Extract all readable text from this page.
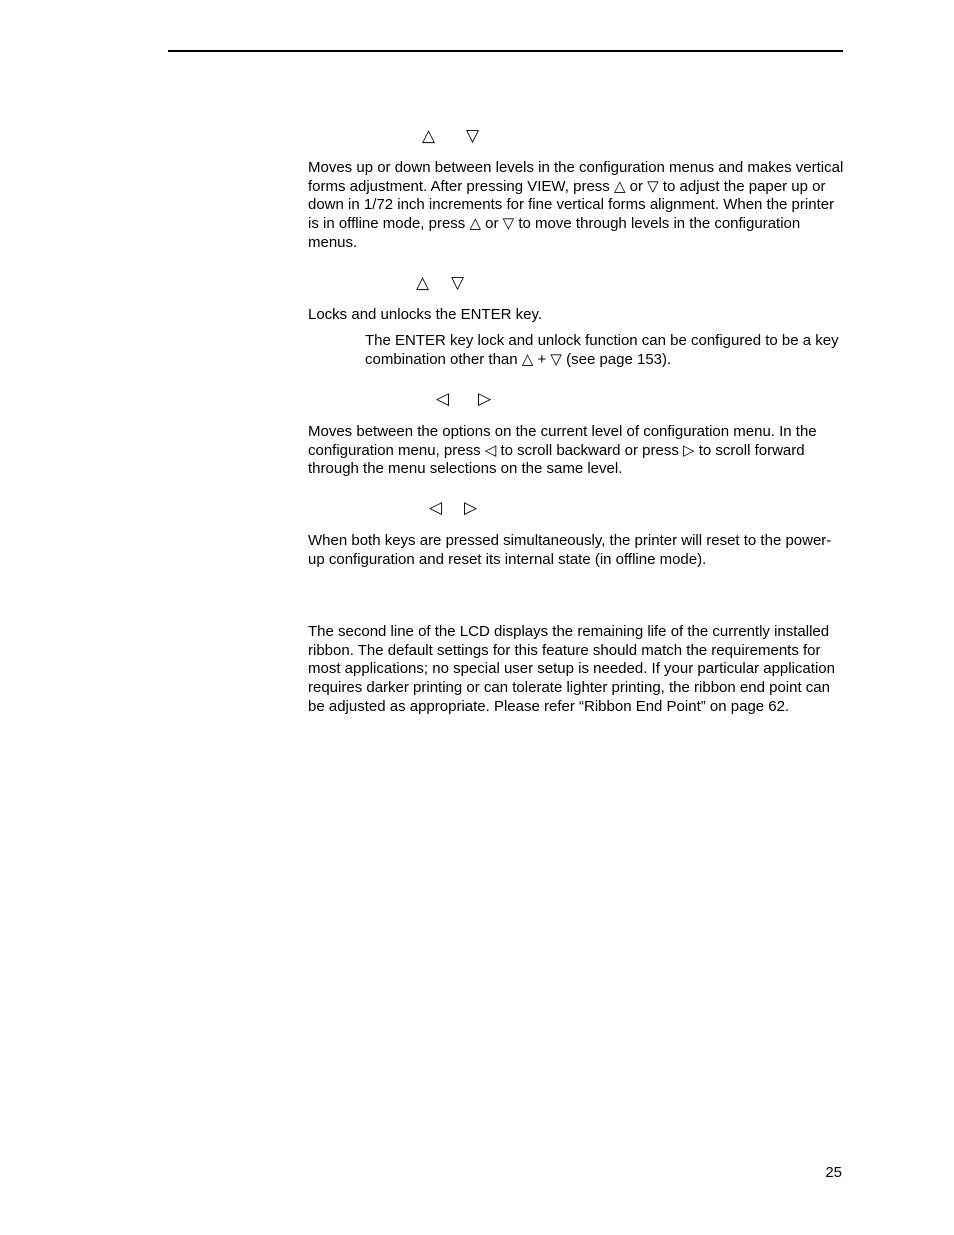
△ ▽
Moves up or down between levels in the configuration menus and makes vertical forms adjustment. After pressing VIEW, press △ or ▽ to adjust the paper up or down in 1/72 inch increments for fine vertical forms alignment. When the printer is in offline mode, press △ or ▽ to move through levels in the configuration menus.
△ ▽
Locks and unlocks the ENTER key.
The ENTER key lock and unlock function can be configured to be a key combination other than △ + ▽ (see page 153).
◁ ▷
Moves between the options on the current level of configuration menu. In the configuration menu, press ◁ to scroll backward or press ▷ to scroll forward through the menu selections on the same level.
◁ ▷
When both keys are pressed simultaneously, the printer will reset to the power-up configuration and reset its internal state (in offline mode).
The second line of the LCD displays the remaining life of the currently installed ribbon. The default settings for this feature should match the requirements for most applications; no special user setup is needed. If your particular application requires darker printing or can tolerate lighter printing, the ribbon end point can be adjusted as appropriate. Please refer “Ribbon End Point” on page 62.
25
